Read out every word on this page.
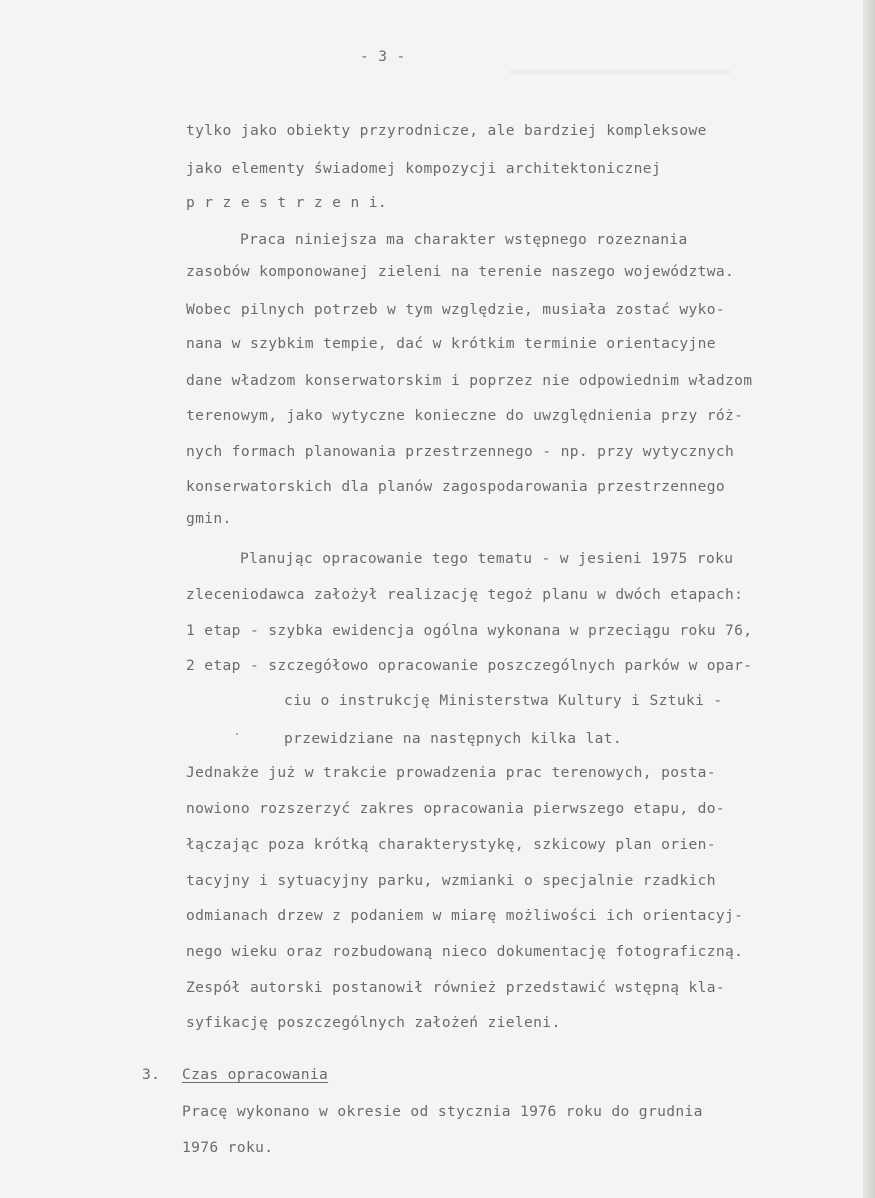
- 3 -

tylko jako obiekty przyrodnicze, ale bardziej kompleksowe

jako elementy świadomej kompozycji architektonicznej

p r z e s t r z e n i.

Praca niniejsza ma charakter wstępnego rozeznania

zasobów komponowanej zieleni na terenie naszego województwa.

Wobec pilnych potrzeb w tym względzie, musiała zostać wyko-

nana w szybkim tempie, dać w krótkim terminie orientacyjne

dane władzom konserwatorskim i poprzez nie odpowiednim władzom

terenowym, jako wytyczne konieczne do uwzględnienia przy róż-

nych formach planowania przestrzennego - np. przy wytycznych

konserwatorskich dla planów zagospodarowania przestrzennego

gmin.

Planując opracowanie tego tematu - w jesieni 1975 roku

zleceniodawca założył realizację tegoż planu w dwóch etapach:

1 etap - szybka ewidencja ogólna wykonana w przeciągu roku 76,

2 etap - szczegółowo opracowanie poszczególnych parków w opar-

ciu o instrukcję Ministerstwa Kultury i Sztuki -

przewidziane na następnych kilka lat.

Jednakże już w trakcie prowadzenia prac terenowych, posta-

nowiono rozszerzyć zakres opracowania pierwszego etapu, do-

łączając poza krótką charakterystykę, szkicowy plan orien-

tacyjny i sytuacyjny parku, wzmianki o specjalnie rzadkich

odmianach drzew z podaniem w miarę możliwości ich orientacyj-

nego wieku oraz rozbudowaną nieco dokumentację fotograficzną.

Zespół autorski postanowił również przedstawić wstępną kla-

syfikację poszczególnych założeń zieleni.

3. Czas opracowania

Pracę wykonano w okresie od stycznia 1976 roku do grudnia

1976 roku.
